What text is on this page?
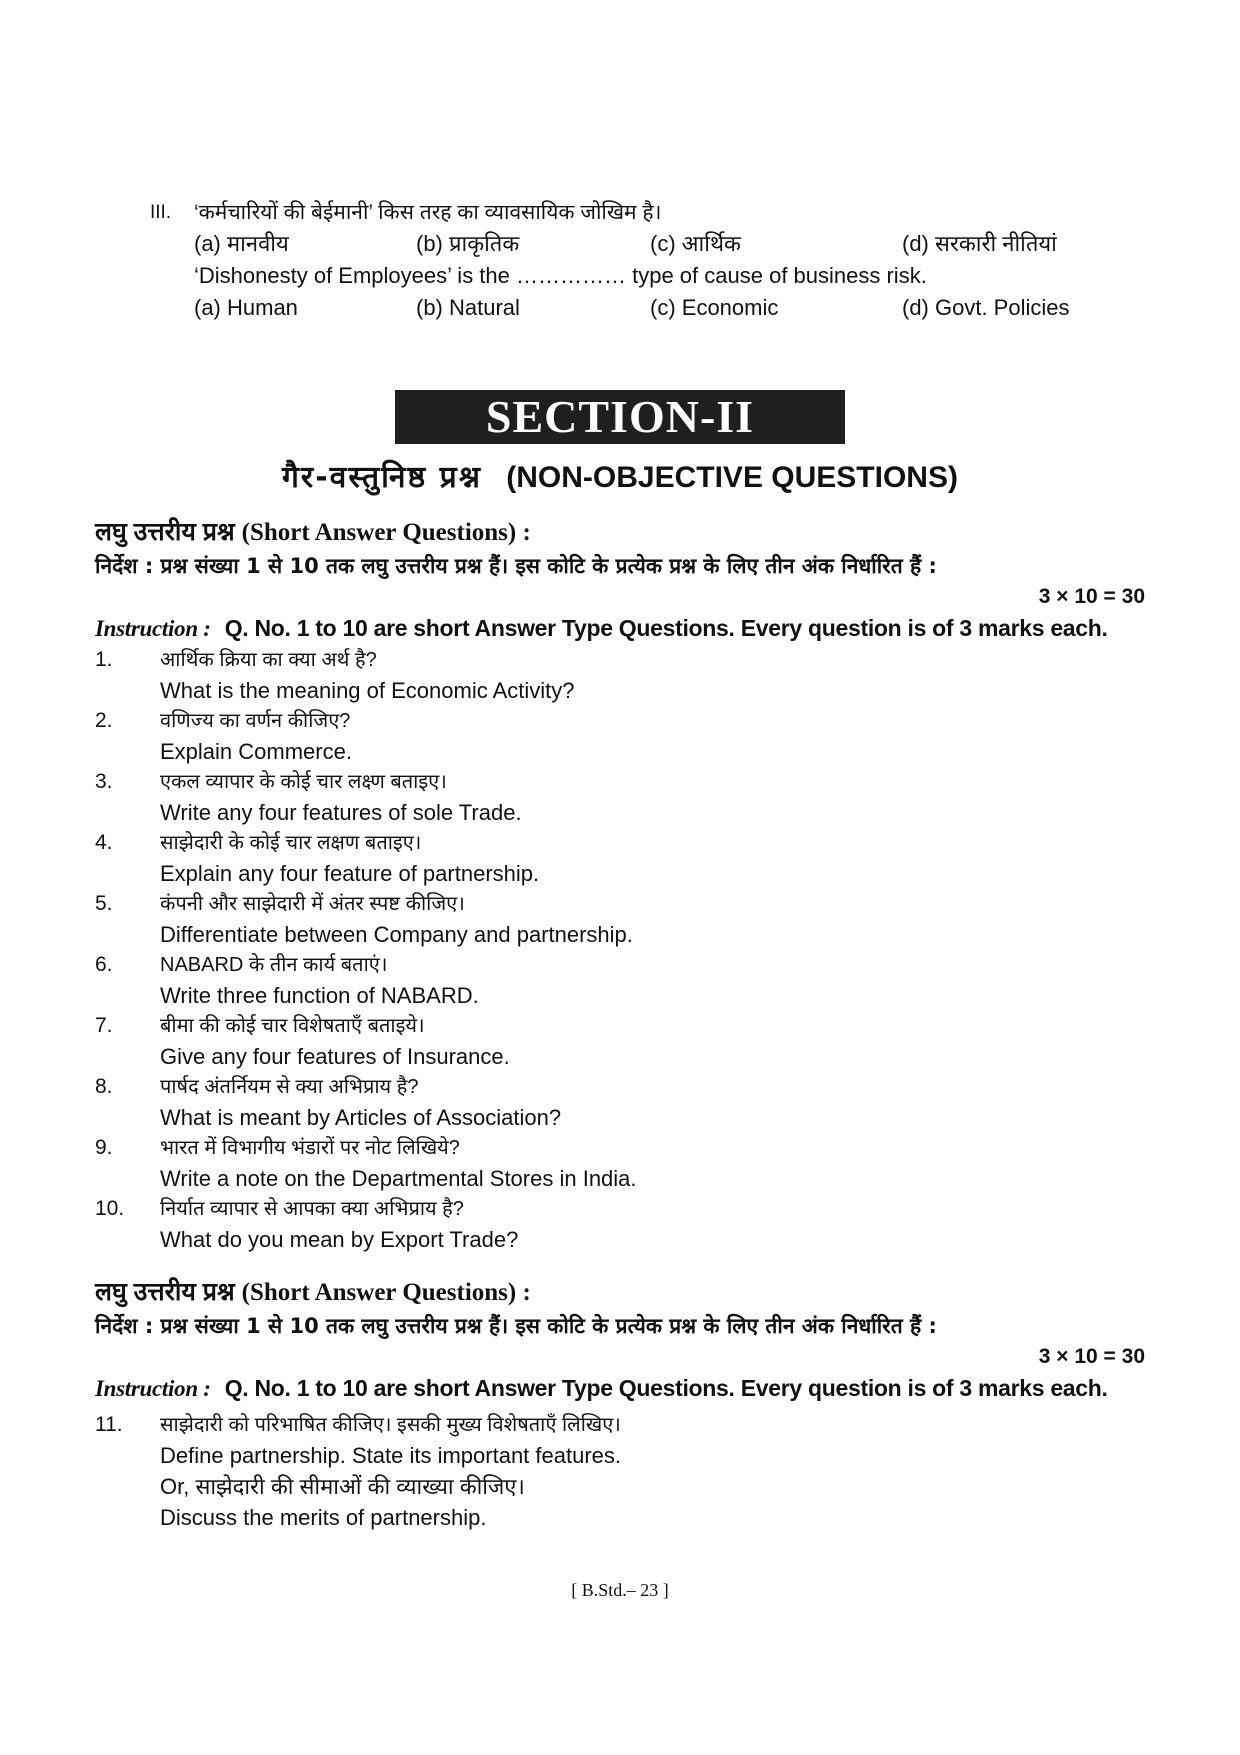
III.	‘कर्मचारियों की बेईमानी’ किस तरह का व्यावसायिक जोखिम है।
(a) मानवीय	(b) प्राकृतिक	(c) आर्थिक	(d) सरकारी नीतियां
‘Dishonesty of Employees’ is the …………… type of cause of business risk.
(a) Human	(b) Natural	(c) Economic	(d) Govt. Policies
SECTION-II
गैर-वस्तुनिष्ठ प्रश्न (NON-OBJECTIVE QUESTIONS)
लघु उत्तरीय प्रश्न (Short Answer Questions) :
निर्देश : प्रश्न संख्या 1 से 10 तक लघु उत्तरीय प्रश्न हैं। इस कोटि के प्रत्येक प्रश्न के लिए तीन अंक निर्धारित हैं :
3 × 10 = 30
Instruction : Q. No. 1 to 10 are short Answer Type Questions. Every question is of 3 marks each.
1.	आर्थिक क्रिया का क्या अर्थ है?
What is the meaning of Economic Activity?
2.	वणिज्य का वर्णन कीजिए?
Explain Commerce.
3.	एकल व्यापार के कोई चार लक्ष्ण बताइए।
Write any four features of sole Trade.
4.	साझेदारी के कोई चार लक्षण बताइए।
Explain any four feature of partnership.
5.	कंपनी और साझेदारी में अंतर स्पष्ट कीजिए।
Differentiate between Company and partnership.
6.	NABARD के तीन कार्य बताएं।
Write three function of NABARD.
7.	बीमा की कोई चार विशेषताएँ बताइये।
Give any four features of Insurance.
8.	पार्षद अंतर्नियम से क्या अभिप्राय है?
What is meant by Articles of Association?
9.	भारत में विभागीय भंडारों पर नोट लिखिये?
Write a note on the Departmental Stores in India.
10.	निर्यात व्यापार से आपका क्या अभिप्राय है?
What do you mean by Export Trade?
लघु उत्तरीय प्रश्न (Short Answer Questions) :
निर्देश : प्रश्न संख्या 1 से 10 तक लघु उत्तरीय प्रश्न हैं। इस कोटि के प्रत्येक प्रश्न के लिए तीन अंक निर्धारित हैं :
3 × 10 = 30
Instruction : Q. No. 1 to 10 are short Answer Type Questions. Every question is of 3 marks each.
11.	साझेदारी को परिभाषित कीजिए। इसकी मुख्य विशेषताएँ लिखिए।
Define partnership. State its important features.
Or, साझेदारी की सीमाओं की व्याख्या कीजिए।
Discuss the merits of partnership.
[ B.Std.– 23 ]
